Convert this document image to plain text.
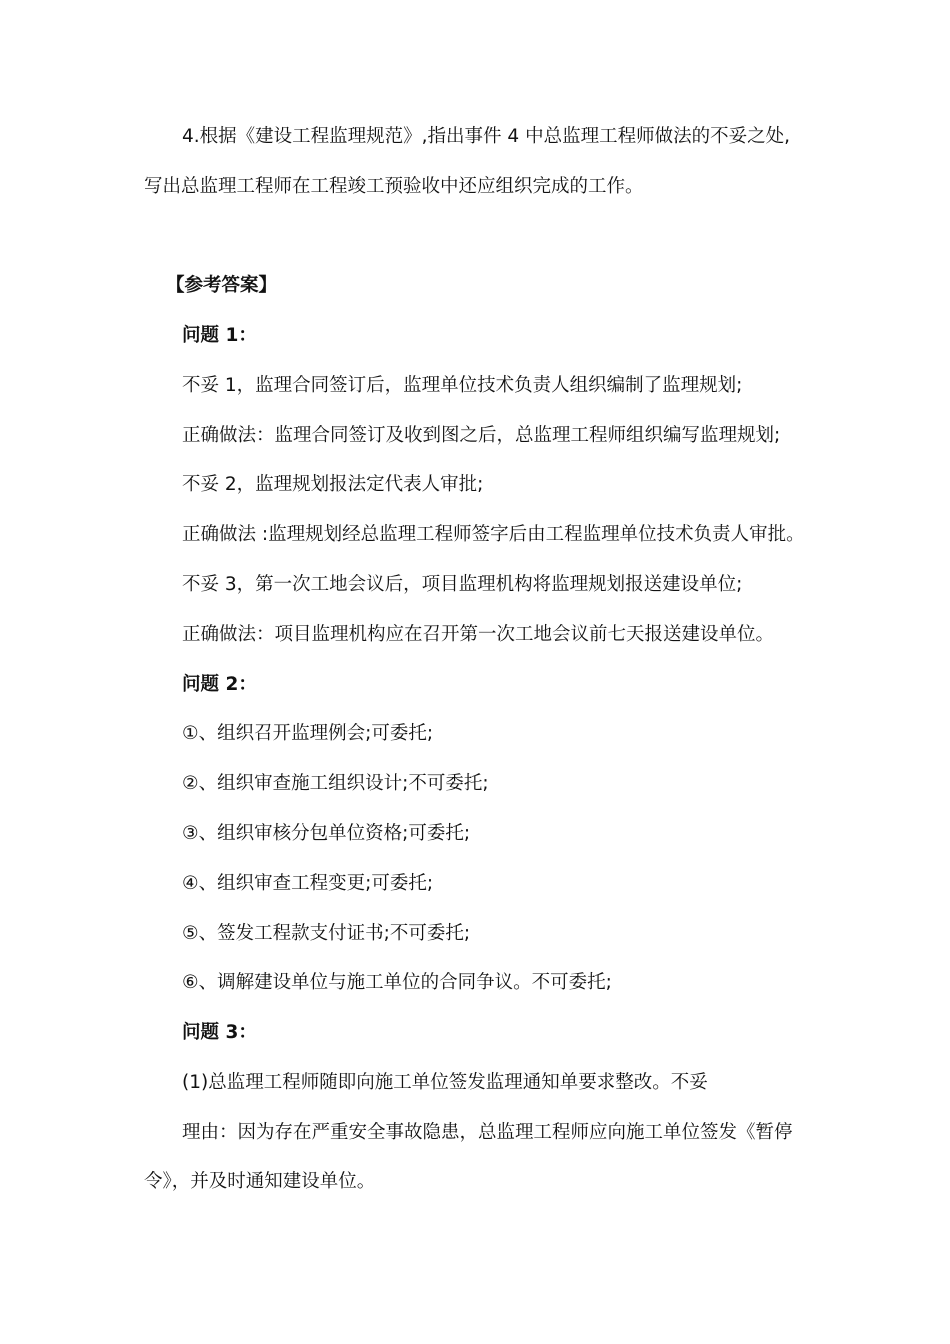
4.根据《建设工程监理规范》,指出事件 4 中总监理工程师做法的不妥之处,

写出总监理工程师在工程竣工预验收中还应组织完成的工作。

【参考答案】

问题 1：

不妥 1，监理合同签订后，监理单位技术负责人组织编制了监理规划;

正确做法：监理合同签订及收到图之后，总监理工程师组织编写监理规划;

不妥 2，监理规划报法定代表人审批;

正确做法 :监理规划经总监理工程师签字后由工程监理单位技术负责人审批。

不妥 3，第一次工地会议后，项目监理机构将监理规划报送建设单位;

正确做法：项目监理机构应在召开第一次工地会议前七天报送建设单位。

问题 2：

①、组织召开监理例会;可委托;

②、组织审查施工组织设计;不可委托;

③、组织审核分包单位资格;可委托;

④、组织审查工程变更;可委托;

⑤、签发工程款支付证书;不可委托;

⑥、调解建设单位与施工单位的合同争议。不可委托;

问题 3：

(1)总监理工程师随即向施工单位签发监理通知单要求整改。不妥

理由：因为存在严重安全事故隐患，总监理工程师应向施工单位签发《暂停

令》，并及时通知建设单位。
